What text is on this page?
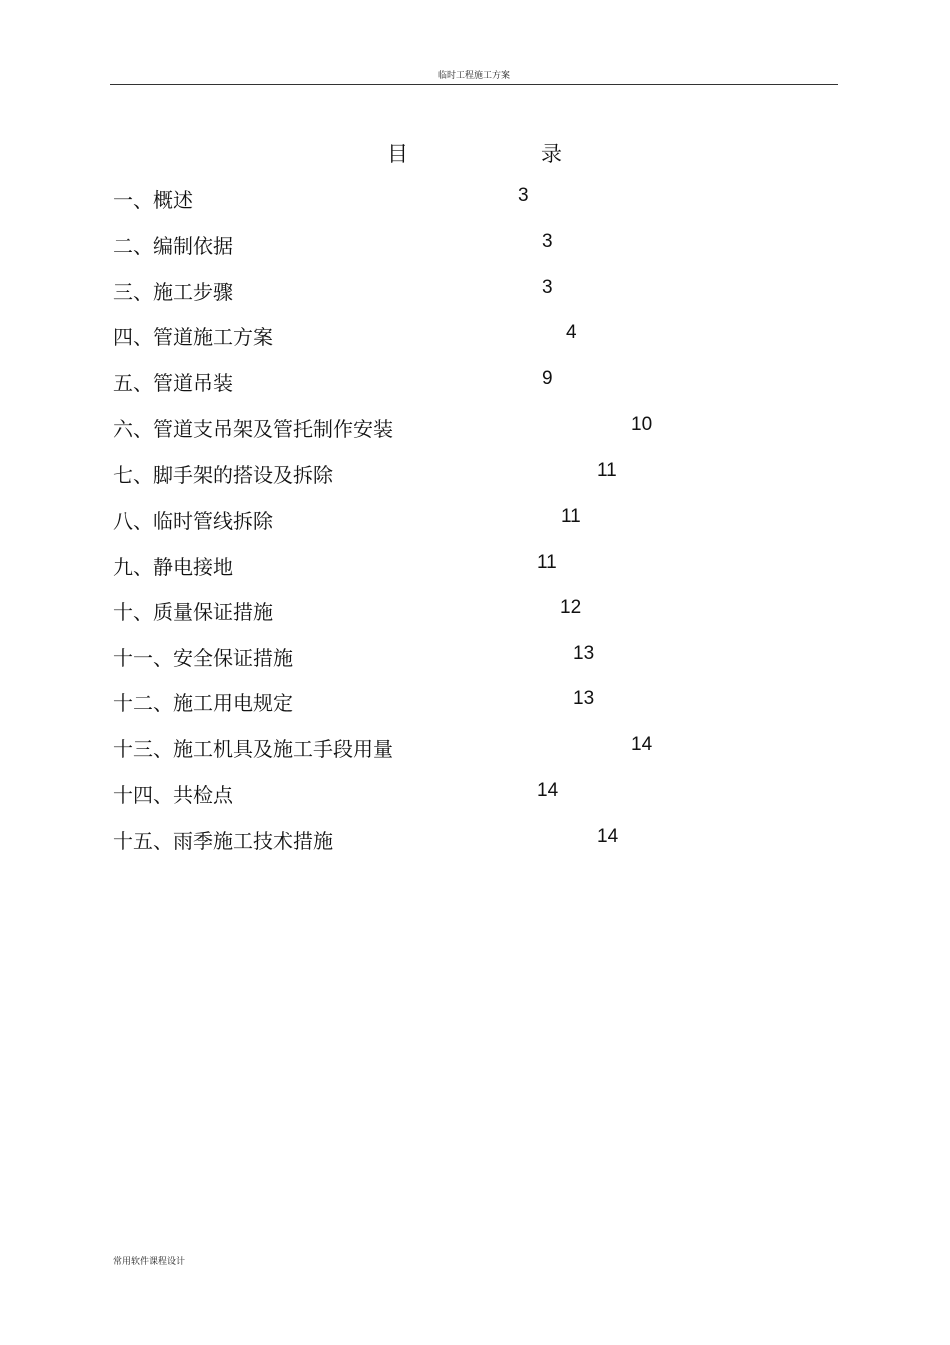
临时工程施工方案
目	录
一、概述	3
二、编制依据	3
三、施工步骤	3
四、管道施工方案	4
五、管道吊装	9
六、管道支吊架及管托制作安装	10
七、脚手架的搭设及拆除	11
八、临时管线拆除	11
九、静电接地	11
十、质量保证措施	12
十一、安全保证措施	13
十二、施工用电规定	13
十三、施工机具及施工手段用量	14
十四、共检点	14
十五、雨季施工技术措施	14
常用软件课程设计
